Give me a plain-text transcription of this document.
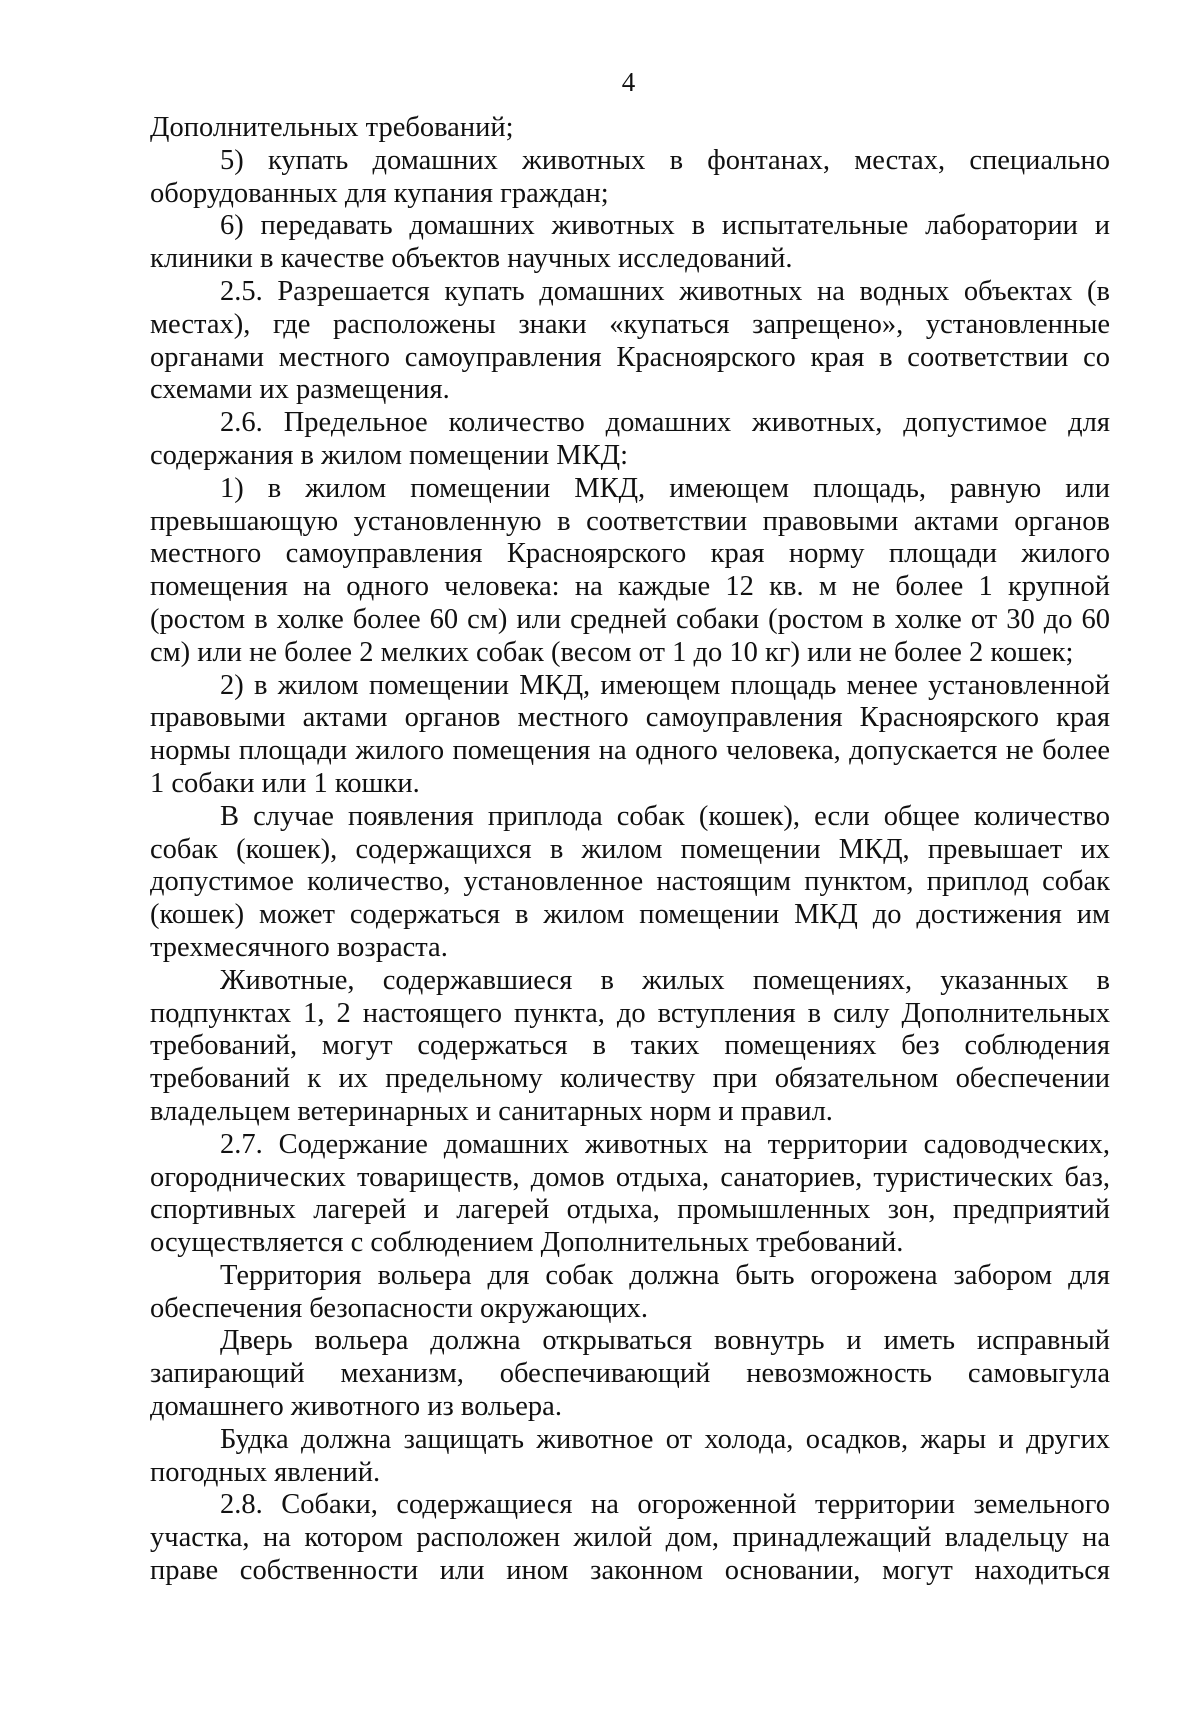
4

Дополнительных требований;

5) купать домашних животных в фонтанах, местах, специально оборудованных для купания граждан;

6) передавать домашних животных в испытательные лаборатории и клиники в качестве объектов научных исследований.

2.5. Разрешается купать домашних животных на водных объектах (в местах), где расположены знаки «купаться запрещено», установленные органами местного самоуправления Красноярского края в соответствии со схемами их размещения.

2.6. Предельное количество домашних животных, допустимое для содержания в жилом помещении МКД:

1) в жилом помещении МКД, имеющем площадь, равную или превышающую установленную в соответствии правовыми актами органов местного самоуправления Красноярского края норму площади жилого помещения на одного человека: на каждые 12 кв. м не более 1 крупной (ростом в холке более 60 см) или средней собаки (ростом в холке от 30 до 60 см) или не более 2 мелких собак (весом от 1 до 10 кг) или не более 2 кошек;

2) в жилом помещении МКД, имеющем площадь менее установленной правовыми актами органов местного самоуправления Красноярского края нормы площади жилого помещения на одного человека, допускается не более 1 собаки или 1 кошки.

В случае появления приплода собак (кошек), если общее количество собак (кошек), содержащихся в жилом помещении МКД, превышает их допустимое количество, установленное настоящим пунктом, приплод собак (кошек) может содержаться в жилом помещении МКД до достижения им трехмесячного возраста.

Животные, содержавшиеся в жилых помещениях, указанных в подпунктах 1, 2 настоящего пункта, до вступления в силу Дополнительных требований, могут содержаться в таких помещениях без соблюдения требований к их предельному количеству при обязательном обеспечении владельцем ветеринарных и санитарных норм и правил.

2.7. Содержание домашних животных на территории садоводческих, огороднических товариществ, домов отдыха, санаториев, туристических баз, спортивных лагерей и лагерей отдыха, промышленных зон, предприятий осуществляется с соблюдением Дополнительных требований.

Территория вольера для собак должна быть огорожена забором для обеспечения безопасности окружающих.

Дверь вольера должна открываться вовнутрь и иметь исправный запирающий механизм, обеспечивающий невозможность самовыгула домашнего животного из вольера.

Будка должна защищать животное от холода, осадков, жары и других погодных явлений.

2.8. Собаки, содержащиеся на огороженной территории земельного участка, на котором расположен жилой дом, принадлежащий владельцу на праве собственности или ином законном основании, могут находиться
